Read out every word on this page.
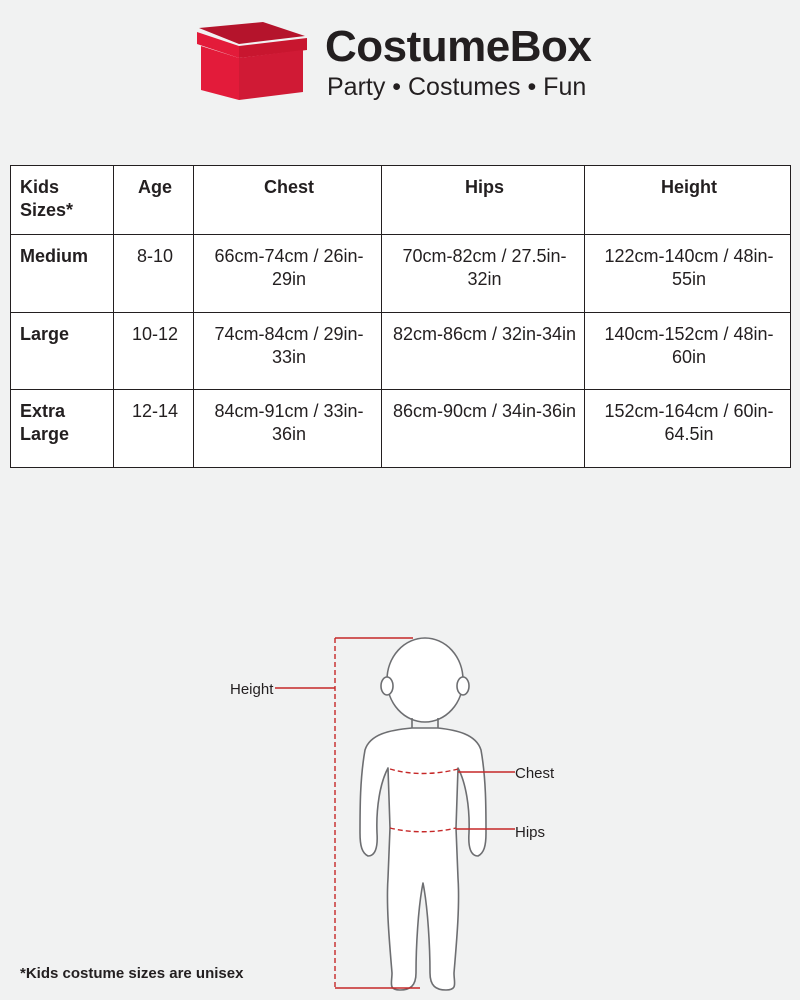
CostumeBox
Party • Costumes • Fun
Kids Sizes*	Age	Chest	Hips	Height
Medium	8-10	66cm-74cm / 26in-29in	70cm-82cm / 27.5in-32in	122cm-140cm / 48in-55in
Large	10-12	74cm-84cm / 29in-33in	82cm-86cm / 32in-34in	140cm-152cm / 48in-60in
Extra Large	12-14	84cm-91cm / 33in-36in	86cm-90cm / 34in-36in	152cm-164cm / 60in-64.5in
Height
Chest
Hips
*Kids costume sizes are unisex
